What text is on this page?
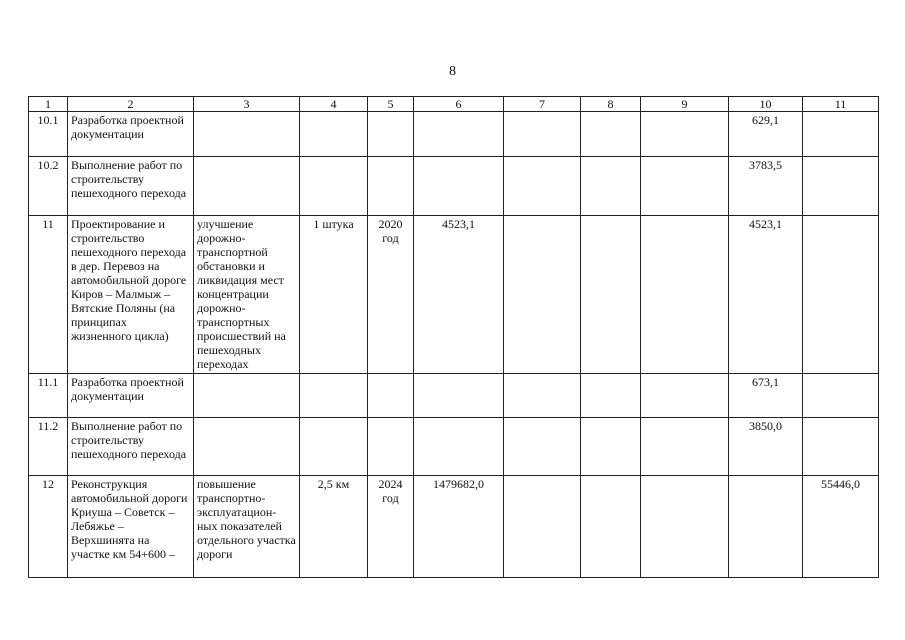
8
1	2	3	4	5	6	7	8	9	10	11
10.1	Разработка проектной документации								629,1	
10.2	Выполнение работ по строительству пешеходного перехода								3783,5	
11	Проектирование и строительство пешеходного перехода в дер. Перевоз на автомобильной дороге Киров – Малмыж – Вятские Поляны (на принципах жизненного цикла)	улучшение дорожно-транспортной обстановки и ликвидация мест концентрации дорожно-транспортных происшествий на пешеходных переходах	1 штука	2020 год	4523,1				4523,1	
11.1	Разработка проектной документации								673,1	
11.2	Выполнение работ по строительству пешеходного перехода								3850,0	
12	Реконструкция автомобильной дороги Криуша – Советск – Лебяжье – Верхшинята на участке км 54+600 –	повышение транспортно-эксплуатацион-ных показателей отдельного участка дороги	2,5 км	2024 год	1479682,0					55446,0
